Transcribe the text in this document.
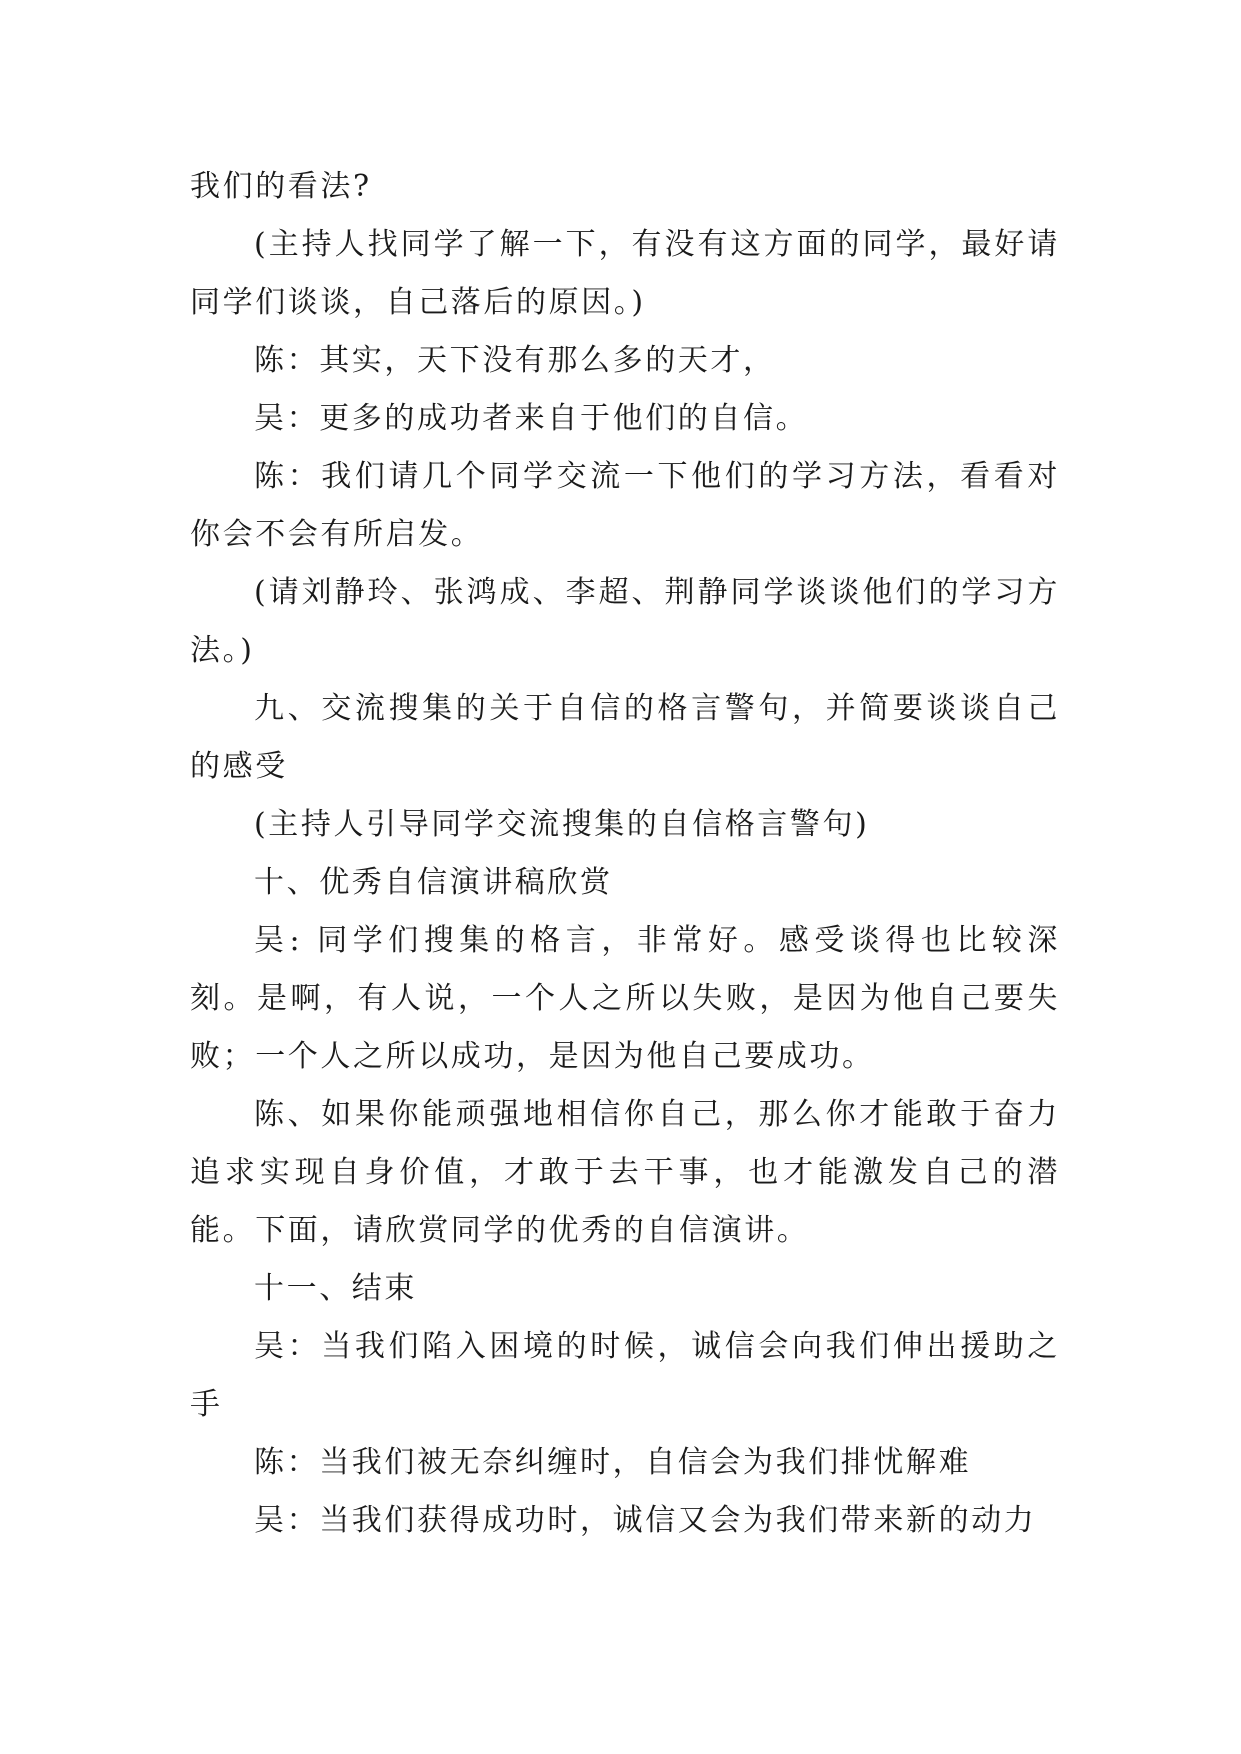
我们的看法?

(主持人找同学了解一下，有没有这方面的同学，最好请同学们谈谈，自己落后的原因。)

陈：其实，天下没有那么多的天才，

吴：更多的成功者来自于他们的自信。

陈：我们请几个同学交流一下他们的学习方法，看看对你会不会有所启发。

(请刘静玲、张鸿成、李超、荆静同学谈谈他们的学习方法。)

九、交流搜集的关于自信的格言警句，并简要谈谈自己的感受

(主持人引导同学交流搜集的自信格言警句)

十、优秀自信演讲稿欣赏

吴: 同学们搜集的格言，非常好。感受谈得也比较深刻。是啊，有人说，一个人之所以失败，是因为他自己要失败；一个人之所以成功，是因为他自己要成功。

陈、如果你能顽强地相信你自己，那么你才能敢于奋力追求实现自身价值，才敢于去干事，也才能激发自己的潜能。下面，请欣赏同学的优秀的自信演讲。

十一、结束

吴：当我们陷入困境的时候，诚信会向我们伸出援助之手

陈：当我们被无奈纠缠时，自信会为我们排忧解难

吴：当我们获得成功时，诚信又会为我们带来新的动力
